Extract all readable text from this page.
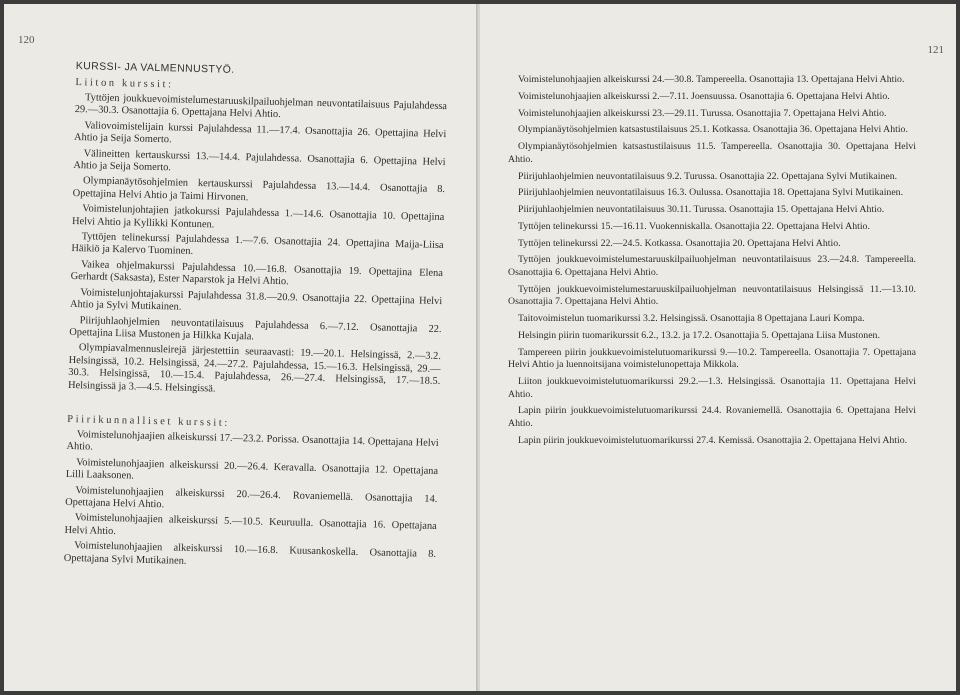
120
KURSSI- JA VALMENNUSTYÖ.
Liiton kurssit:

Tyttöjen joukkuevoimistelumestaruuskilpailuohjelman neuvontatilaisuus Pajulahdessa 29.—30.3. Osanottajia 6. Opettajana Helvi Ahtio.

Valiovoimistelijain kurssi Pajulahdessa 11.—17.4. Osanottajia 26. Opettajina Helvi Ahtio ja Seija Somerto.

Välineitten kertauskurssi 13.—14.4. Pajulahdessa. Osanottajia 6. Opettajina Helvi Ahtio ja Seija Somerto.

Olympianäytösohjelmien kertauskurssi Pajulahdessa 13.—14.4. Osanottajia 8. Opettajina Helvi Ahtio ja Taimi Hirvonen.

Voimistelunjohtajien jatkokurssi Pajulahdessa 1.—14.6. Osanottajia 10. Opettajina Helvi Ahtio ja Kyllikki Kontunen.

Tyttöjen telinekurssi Pajulahdessa 1.—7.6. Osanottajia 24. Opettajina Maija-Liisa Häikiö ja Kalervo Tuominen.

Vaikea ohjelmakurssi Pajulahdessa 10.—16.8. Osanottajia 19. Opettajina Elena Gerhardt (Saksasta), Ester Naparstok ja Helvi Ahtio.

Voimistelunjohtajakurssi Pajulahdessa 31.8.—20.9. Osanottajia 22. Opettajina Helvi Ahtio ja Sylvi Mutikainen.

Piirijuhlaohjelmien neuvontatilaisuus Pajulahdessa 6.—7.12. Osanottajia 22. Opettajina Liisa Mustonen ja Hilkka Kujala.

Olympiavalmennusleirejä järjestettiin seuraavasti: 19.—20.1. Helsingissä, 2.—3.2. Helsingissä, 10.2. Helsingissä, 24.—27.2. Pajulahdessa, 15.—16.3. Helsingissä, 29.—30.3. Helsingissä, 10.—15.4. Pajulahdessa, 26.—27.4. Helsingissä, 17.—18.5. Helsingissä ja 3.—4.5. Helsingissä.

Piirikunnalliset kurssit:

Voimistelunohjaajien alkeiskurssi 17.—23.2. Porissa. Osanottajia 14. Opettajana Helvi Ahtio.

Voimistelunohjaajien alkeiskurssi 20.—26.4. Keravalla. Osanottajia 12. Opettajana Lilli Laaksonen.

Voimistelunohjaajien alkeiskurssi 20.—26.4. Rovaniemellä. Osanottajia 14. Opettajana Helvi Ahtio.

Voimistelunohjaajien alkeiskurssi 5.—10.5. Keuruulla. Osanottajia 16. Opettajana Helvi Ahtio.

Voimistelunohjaajien alkeiskurssi 10.—16.8. Kuusankoskella. Osanottajia 8. Opettajana Sylvi Mutikainen.

121

Voimistelunohjaajien alkeiskurssi 24.—30.8. Tampereella. Osanottajia 13. Opettajana Helvi Ahtio.

Voimistelunohjaajien alkeiskurssi 2.—7.11. Joensuussa. Osanottajia 6. Opettajana Helvi Ahtio.

Voimistelunohjaajien alkeiskurssi 23.—29.11. Turussa. Osanottajia 7. Opettajana Helvi Ahtio.

Olympianäytösohjelmien katsastustilaisuus 25.1. Kotkassa. Osanottajia 36. Opettajana Helvi Ahtio.

Olympianäytösohjelmien katsastustilaisuus 11.5. Tampereella. Osanottajia 30. Opettajana Helvi Ahtio.

Piirijuhlaohjelmien neuvontatilaisuus 9.2. Turussa. Osanottajia 22. Opettajana Sylvi Mutikainen.

Piirijuhlaohjelmien neuvontatilaisuus 16.3. Oulussa. Osanottajia 18. Opettajana Sylvi Mutikainen.

Piirijuhlaohjelmien neuvontatilaisuus 30.11. Turussa. Osanottajia 15. Opettajana Helvi Ahtio.

Tyttöjen telinekurssi 15.—16.11. Vuokenniskalla. Osanottajia 22. Opettajana Helvi Ahtio.

Tyttöjen telinekurssi 22.—24.5. Kotkassa. Osanottajia 20. Opettajana Helvi Ahtio.

Tyttöjen joukkuevoimistelumestaruuskilpailuohjelman neuvontatilaisuus 23.—24.8. Tampereella. Osanottajia 6. Opettajana Helvi Ahtio.

Tyttöjen joukkuevoimistelumestaruuskilpailuohjelman neuvontatilaisuus Helsingissä 11.—13.10. Osanottajia 7. Opettajana Helvi Ahtio.

Taitovoimistelun tuomarikurssi 3.2. Helsingissä. Osanottajia 8 Opettajana Lauri Kompa.

Helsingin piirin tuomarikurssit 6.2., 13.2. ja 17.2. Osanottajia 5. Opettajana Liisa Mustonen.

Tampereen piirin joukkuevoimistelutuomarikurssi 9.—10.2. Tampereella. Osanottajia 7. Opettajana Helvi Ahtio ja luennoitsijana voimistelunopettaja Mikkola.

Liiton joukkuevoimistelutuomarikurssi 29.2.—1.3. Helsingissä. Osanottajia 11. Opettajana Helvi Ahtio.

Lapin piirin joukkuevoimistelutuomarikurssi 24.4. Rovaniemellä. Osanottajia 6. Opettajana Helvi Ahtio.

Lapin piirin joukkuevoimistelutuomarikurssi 27.4. Kemissä. Osanottajia 2. Opettajana Helvi Ahtio.
